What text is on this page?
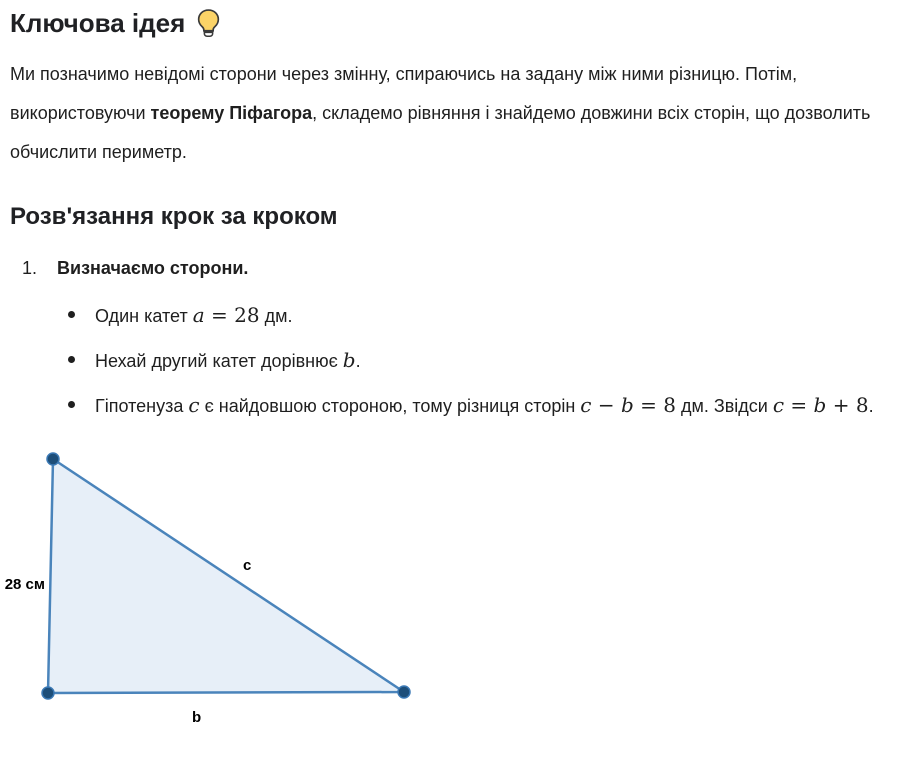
Ключова ідея

Ми позначимо невідомі сторони через змінну, спираючись на задану між ними різницю. Потім, використовуючи теорему Піфагора, складемо рівняння і знайдемо довжини всіх сторін, що дозволить обчислити периметр.

Розв'язання крок за кроком
1.	Визначаємо сторони.
Один катет a = 28 дм.
Нехай другий катет дорівнює b.
Гіпотенуза c є найдовшою стороною, тому різниця сторін c − b = 8 дм. Звідси c = b + 8.
28 см
c
b
